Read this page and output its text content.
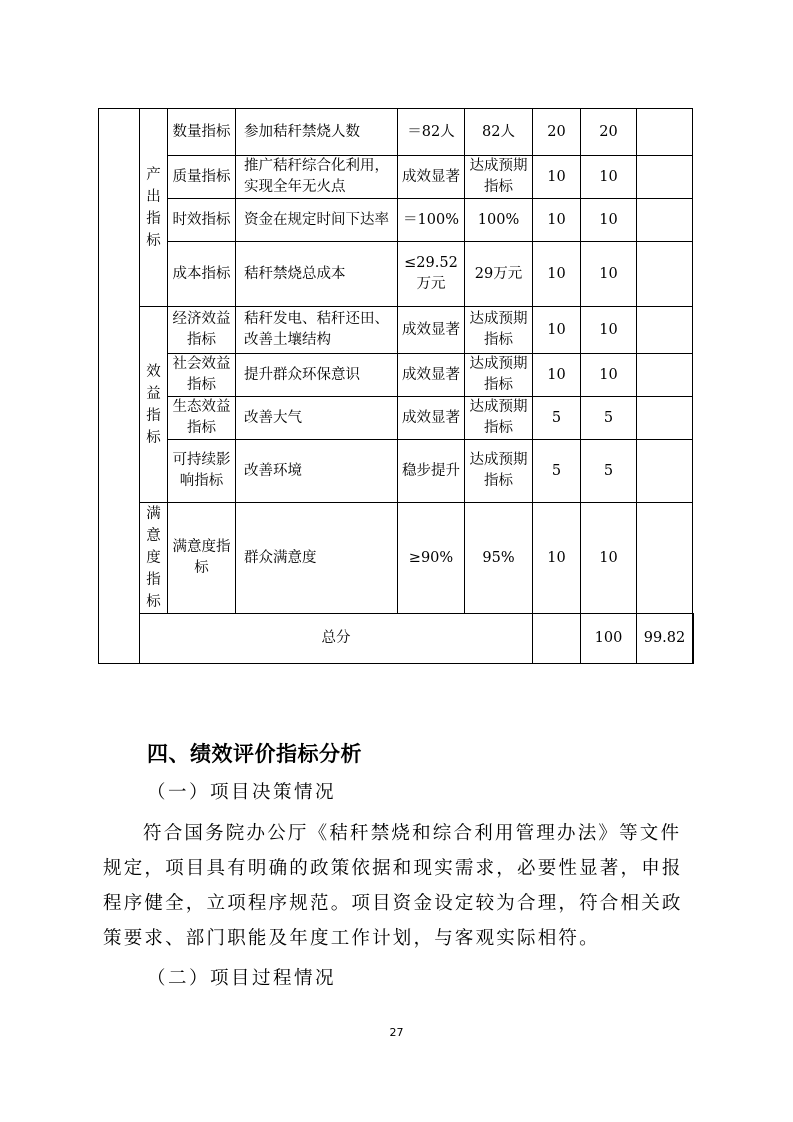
	产出指标	数量指标	参加秸秆禁烧人数	＝82人	82人	20	20		
		质量指标	推广秸秆综合化利用，实现全年无火点	成效显著	达成预期指标	10	10		
		时效指标	资金在规定时间下达率	＝100%	100%	10	10		
		成本指标	秸秆禁烧总成本	≤29.52万元	29万元	10	10		
	效益指标	经济效益指标	秸秆发电、秸秆还田、改善土壤结构	成效显著	达成预期指标	10	10		
		社会效益指标	提升群众环保意识	成效显著	达成预期指标	10	10		
		生态效益指标	改善大气	成效显著	达成预期指标	5	5		
		可持续影响指标	改善环境	稳步提升	达成预期指标	5	5		
	满意度指标	满意度指标	群众满意度	≥90%	95%	10	10		
	总分						100	99.82	
四、绩效评价指标分析
（一）项目决策情况

符合国务院办公厅《秸秆禁烧和综合利用管理办法》等文件规定，项目具有明确的政策依据和现实需求，必要性显著，申报程序健全，立项程序规范。项目资金设定较为合理，符合相关政策要求、部门职能及年度工作计划，与客观实际相符。

（二）项目过程情况
27
